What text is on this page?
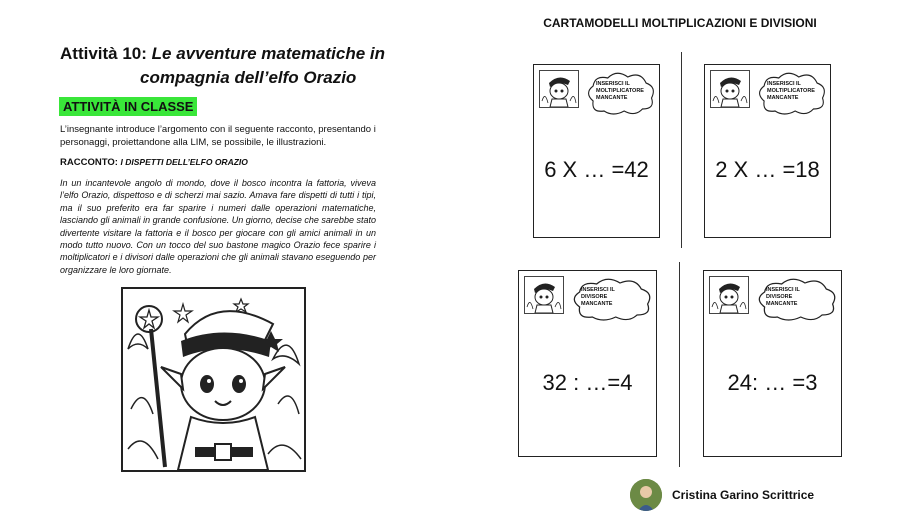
Attività 10: Le avventure matematiche in
compagnia dell’elfo Orazio
ATTIVITÀ IN CLASSE
L’insegnante introduce l’argomento con il seguente racconto, presentando i personaggi, proiettandone alla LIM, se possibile, le illustrazioni.
RACCONTO: I DISPETTI DELL’ELFO ORAZIO
In un incantevole angolo di mondo, dove il bosco incontra la fattoria, viveva l’elfo Orazio, dispettoso e di scherzi mai sazio. Amava fare dispetti di tutti i tipi, ma il suo preferito era far sparire i numeri dalle operazioni matematiche, lasciando gli animali in grande confusione. Un giorno, decise che sarebbe stato divertente visitare la fattoria e il bosco per giocare con gli amici animali in un modo tutto nuovo. Con un tocco del suo bastone magico Orazio fece sparire i moltiplicatori e i divisori dalle operazioni che gli animali stavano eseguendo per organizzare le loro giornate.
CARTAMODELLI MOLTIPLICAZIONI E DIVISIONI
INSERISCI IL
MOLTIPLICATORE
MANCANTE
6 X … =42
INSERISCI IL
MOLTIPLICATORE
MANCANTE
2 X … =18
INSERISCI IL
DIVISORE
MANCANTE
32 : …=4
INSERISCI IL
DIVISORE
MANCANTE
24: … =3
Cristina Garino Scrittrice
